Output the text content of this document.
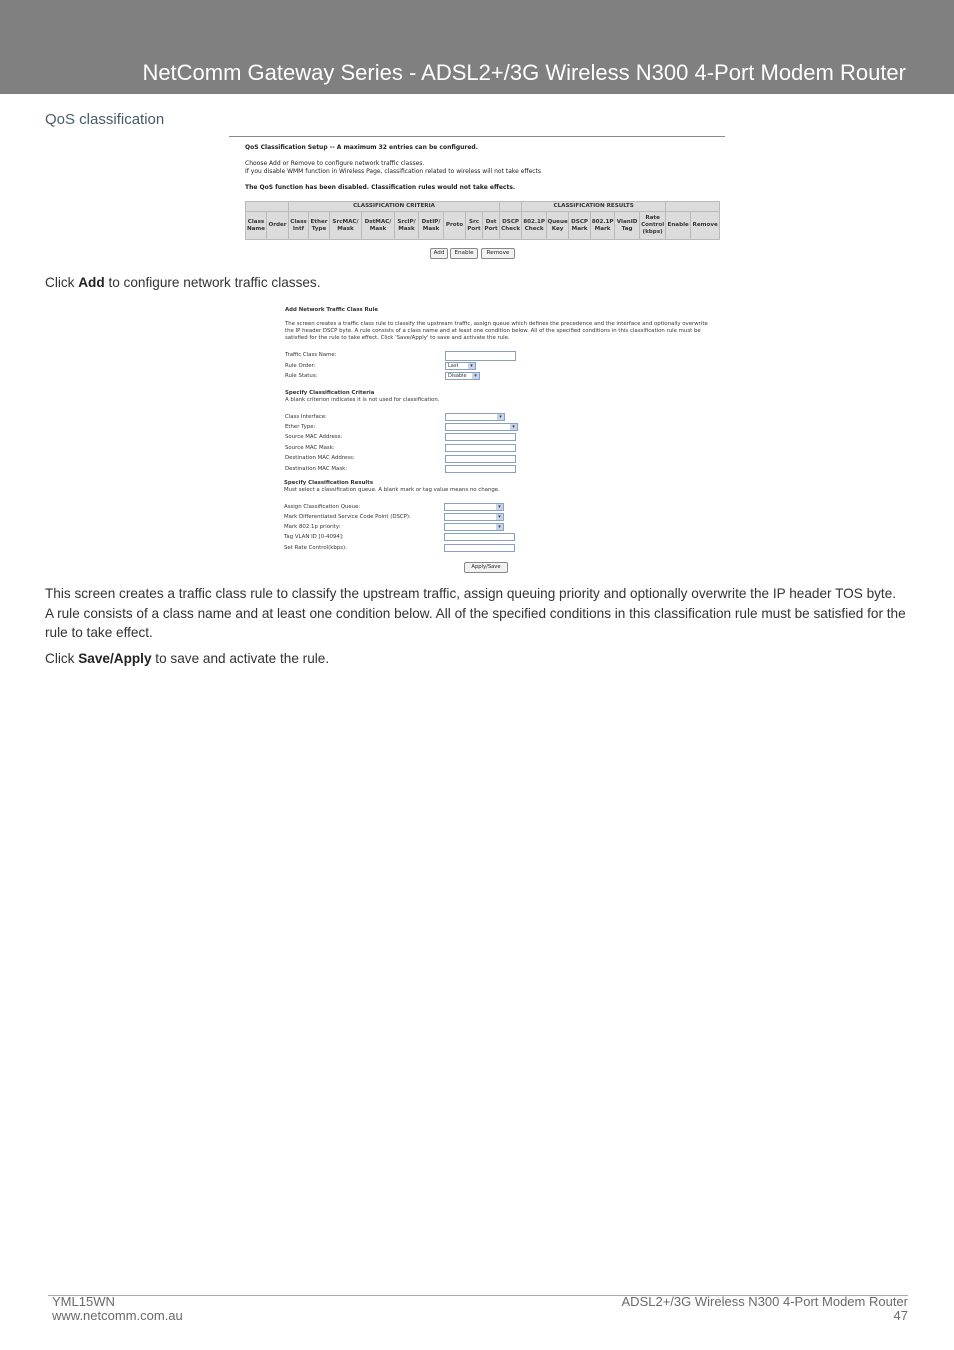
NetComm Gateway Series - ADSL2+/3G Wireless N300 4-Port Modem Router
QoS classification
QoS Classification Setup -- A maximum 32 entries can be configured.
Choose Add or Remove to configure network traffic classes.
If you disable WMM function in Wireless Page, classification related to wireless will not take effects
The QoS function has been disabled. Classification rules would not take effects.
		CLASSIFICATION CRITERIA										CLASSIFICATION RESULTS							
Class Name	Order	Class Intf	Ether Type	SrcMAC/ Mask	DstMAC/ Mask	SrcIP/ Mask	DstIP/ Mask	Proto	Src Port	Dst Port	DSCP Check	802.1P Check	Queue Key	DSCP Mark	802.1P Mark	VlanID Tag	Rate Control (kbps)	Enable	Remove
Add	Enable	Remove
Click Add to configure network traffic classes.
Add Network Traffic Class Rule
The screen creates a traffic class rule to classify the upstream traffic, assign queue which defines the precedence and the interface and optionally overwrite
the IP header DSCP byte. A rule consists of a class name and at least one condition below. All of the specified conditions in this classification rule must be
satisfied for the rule to take effect. Click 'Save/Apply' to save and activate the rule.
Traffic Class Name:
Rule Order:	Last	▾
Rule Status:	Disable	▾
Specify Classification Criteria
A blank criterion indicates it is not used for classification.
Class Interface:	▾
Ether Type:	▾
Source MAC Address:
Source MAC Mask:
Destination MAC Address:
Destination MAC Mask:
Specify Classification Results
Must select a classification queue. A blank mark or tag value means no change.
Assign Classification Queue:	▾
Mark Differentiated Service Code Point (DSCP):	▾
Mark 802.1p priority:	▾
Tag VLAN ID [0-4094]:
Set Rate Control(kbps):
Apply/Save
This screen creates a traffic class rule to classify the upstream traffic, assign queuing priority and optionally overwrite the IP header TOS byte. A rule consists of a class name and at least one condition below. All of the specified conditions in this classification rule must be satisfied for the rule to take effect.
Click Save/Apply to save and activate the rule.
YML15WN
www.netcomm.com.au
ADSL2+/3G Wireless N300 4-Port Modem Router
47
